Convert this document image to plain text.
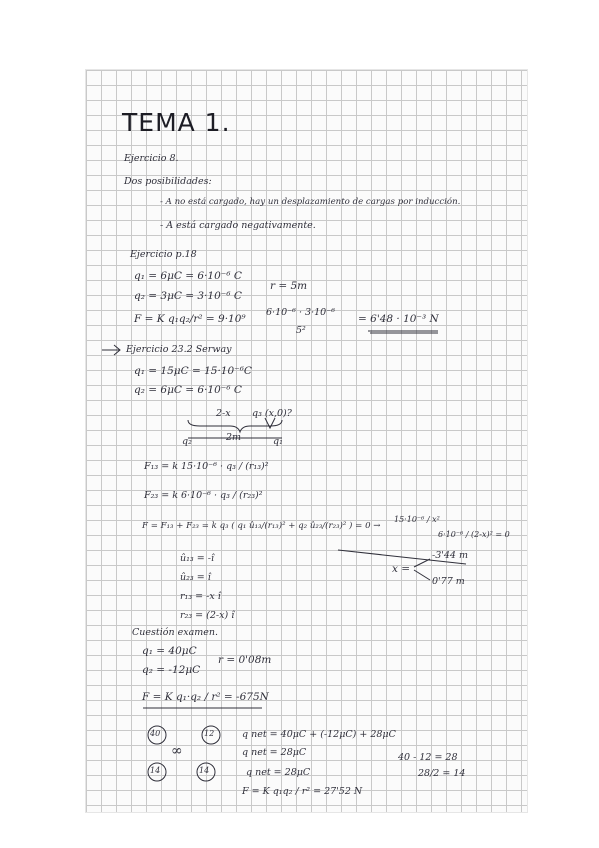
TEMA 1.
Ejercicio 8.
Dos posibilidades:
- A no está cargado, hay un desplazamiento de cargas por inducción.
- A está cargado negativamente.
Ejercicio p.18
q₁ = 6μC = 6·10⁻⁶ C
q₂ = 3μC = 3·10⁻⁶ C
r = 5m
F = K q₁q₂/r² = 9·10⁹
6·10⁻⁶ · 3·10⁻⁶
5²
= 6'48 · 10⁻³ N
Ejercicio 23.2 Serway
q₁ = 15μC = 15·10⁻⁶C
q₂ = 6μC = 6·10⁻⁶ C
2-x q₃ (x,0)?
2m
q₂	q₁
F₁₃ = k 15·10⁻⁶ · q₃ / (r₁₃)²
F₂₃ = k 6·10⁻⁶ · q₃ / (r₂₃)²
F = F₁₃ + F₂₃ = k q₃ ( q₁ û₁₃/(r₁₃)² + q₂ û₂₃/(r₂₃)² ) = 0 →
15·10⁻⁶ / x²
6·10⁻⁶ / (2-x)² = 0
û₁₃ = -î
û₂₃ = î
r₁₃ = -x î
r₂₃ = (2-x) î
x =
-3'44 m
0'77 m
Cuestión examen.
q₁ = 40μC
q₂ = -12μC
r = 0'08m
F = K q₁·q₂ / r² = -675N
40	12
14	14
∞
q net = 40μC + (-12μC) + 28μC
q net = 28μC
q net = 28μC
40 - 12 = 28
28/2 = 14
F = K q₁q₂ / r² = 27'52 N
